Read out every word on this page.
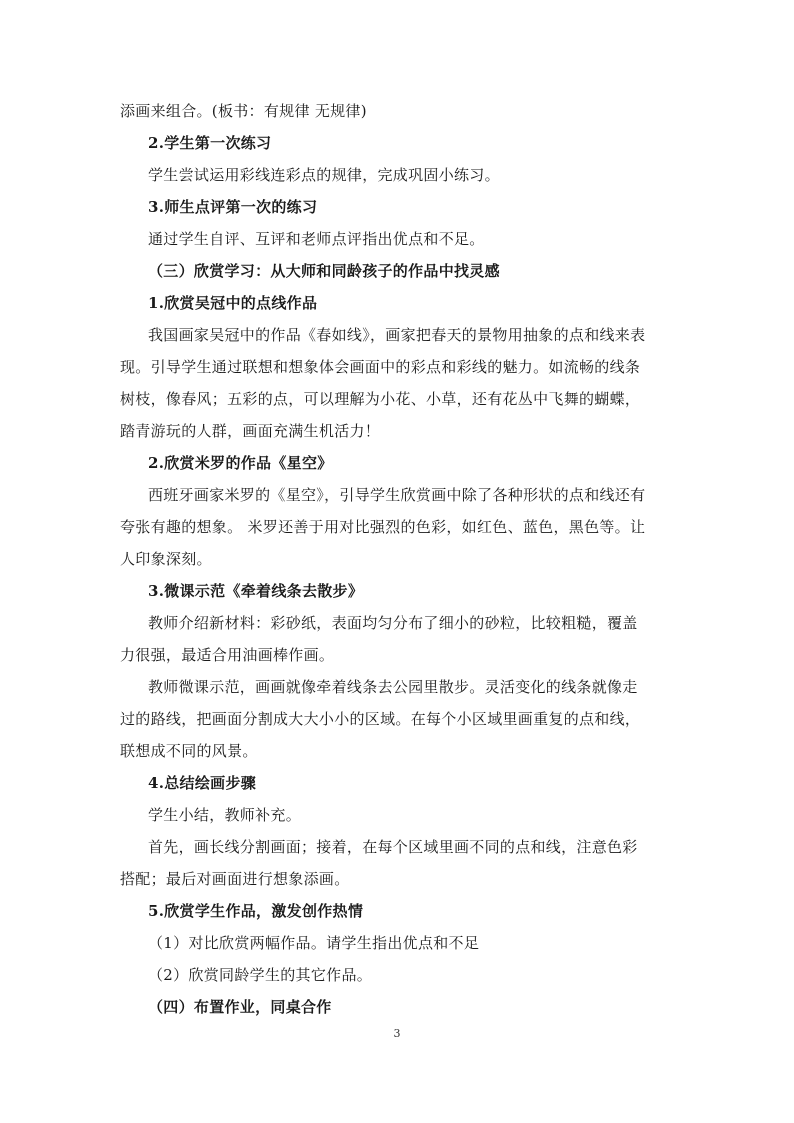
添画来组合。(板书：有规律 无规律)
2.学生第一次练习
学生尝试运用彩线连彩点的规律，完成巩固小练习。
3.师生点评第一次的练习
通过学生自评、互评和老师点评指出优点和不足。
（三）欣赏学习：从大师和同龄孩子的作品中找灵感
1.欣赏吴冠中的点线作品
我国画家吴冠中的作品《春如线》，画家把春天的景物用抽象的点和线来表
现。引导学生通过联想和想象体会画面中的彩点和彩线的魅力。如流畅的线条
树枝，像春风；五彩的点，可以理解为小花、小草，还有花丛中飞舞的蝴蝶，
踏青游玩的人群，画面充满生机活力！
2.欣赏米罗的作品《星空》
西班牙画家米罗的《星空》，引导学生欣赏画中除了各种形状的点和线还有
夸张有趣的想象。 米罗还善于用对比强烈的色彩，如红色、蓝色，黑色等。让
人印象深刻。
3.微课示范《牵着线条去散步》
教师介绍新材料：彩砂纸，表面均匀分布了细小的砂粒，比较粗糙，覆盖
力很强，最适合用油画棒作画。
教师微课示范，画画就像牵着线条去公园里散步。灵活变化的线条就像走
过的路线，把画面分割成大大小小的区域。在每个小区域里画重复的点和线，
联想成不同的风景。
4.总结绘画步骤
学生小结，教师补充。
首先，画长线分割画面；接着，在每个区域里画不同的点和线，注意色彩
搭配；最后对画面进行想象添画。
5.欣赏学生作品，激发创作热情
（1）对比欣赏两幅作品。请学生指出优点和不足
（2）欣赏同龄学生的其它作品。
（四）布置作业，同桌合作
3
